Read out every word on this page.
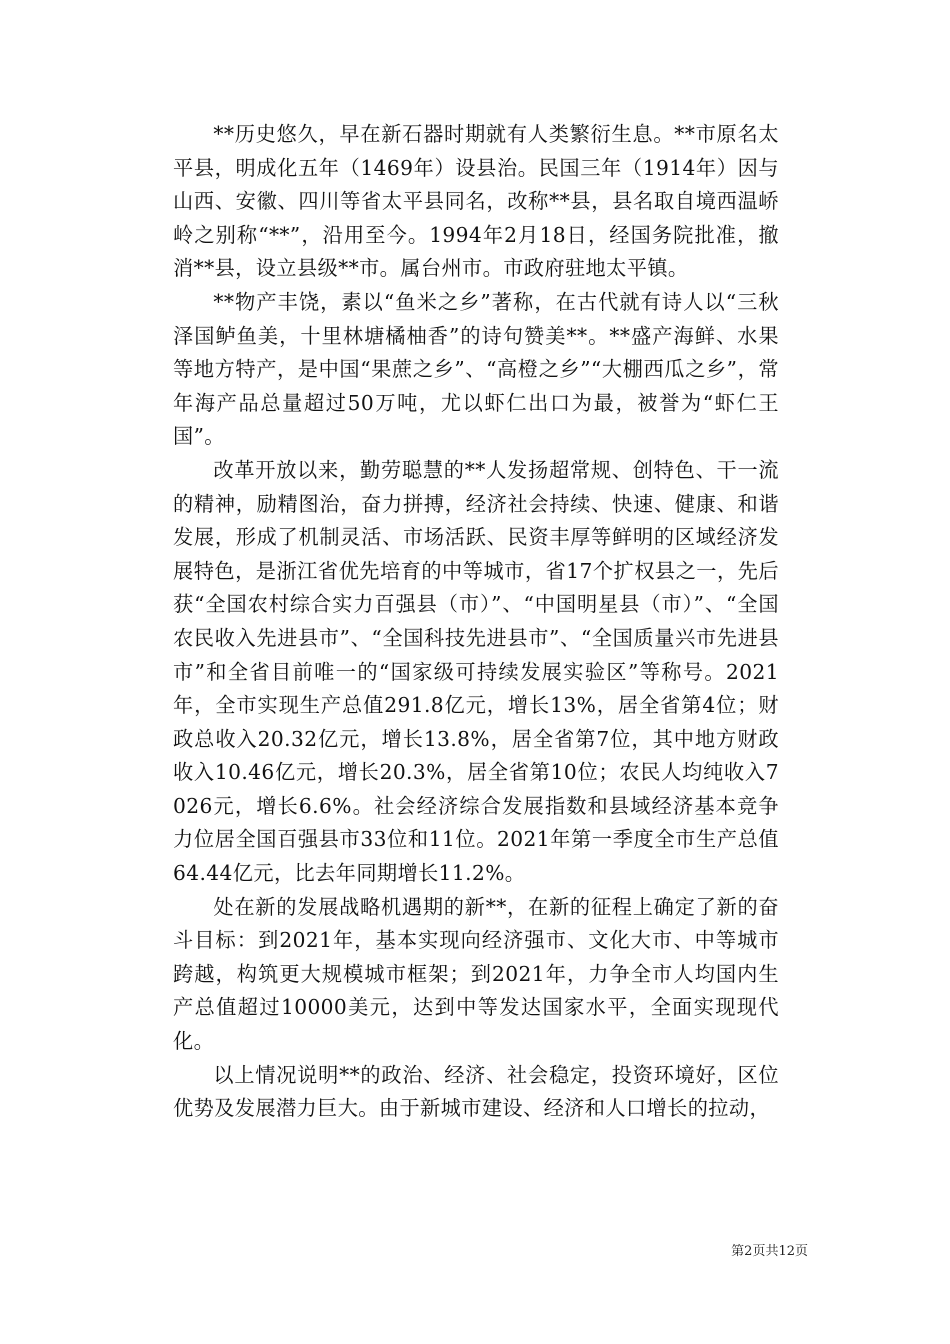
**历史悠久，早在新石器时期就有人类繁衍生息。**市原名太平县，明成化五年（1469年）设县治。民国三年（1914年）因与山西、安徽、四川等省太平县同名，改称**县，县名取自境西温峤岭之别称“**”，沿用至今。1994年2月18日，经国务院批准，撤消**县，设立县级**市。属台州市。市政府驻地太平镇。

**物产丰饶，素以“鱼米之乡”著称，在古代就有诗人以“三秋泽国鲈鱼美，十里林塘橘柚香”的诗句赞美**。**盛产海鲜、水果等地方特产，是中国“果蔗之乡”、“高橙之乡”“大棚西瓜之乡”，常年海产品总量超过50万吨，尤以虾仁出口为最，被誉为“虾仁王国”。

改革开放以来，勤劳聪慧的**人发扬超常规、创特色、干一流的精神，励精图治，奋力拼搏，经济社会持续、快速、健康、和谐发展，形成了机制灵活、市场活跃、民资丰厚等鲜明的区域经济发展特色，是浙江省优先培育的中等城市，省17个扩权县之一，先后获“全国农村综合实力百强县（市）”、“中国明星县（市）”、“全国农民收入先进县市”、“全国科技先进县市”、“全国质量兴市先进县市”和全省目前唯一的“国家级可持续发展实验区”等称号。2021年，全市实现生产总值291.8亿元，增长13%，居全省第4位；财政总收入20.32亿元，增长13.8%，居全省第7位，其中地方财政收入10.46亿元，增长20.3%，居全省第10位；农民人均纯收入7026元，增长6.6%。社会经济综合发展指数和县域经济基本竞争力位居全国百强县市33位和11位。2021年第一季度全市生产总值64.44亿元，比去年同期增长11.2%。

处在新的发展战略机遇期的新**，在新的征程上确定了新的奋斗目标：到2021年，基本实现向经济强市、文化大市、中等城市跨越，构筑更大规模城市框架；到2021年，力争全市人均国内生产总值超过10000美元，达到中等发达国家水平，全面实现现代化。

以上情况说明**的政治、经济、社会稳定，投资环境好，区位优势及发展潜力巨大。由于新城市建设、经济和人口增长的拉动，

第2页共12页
